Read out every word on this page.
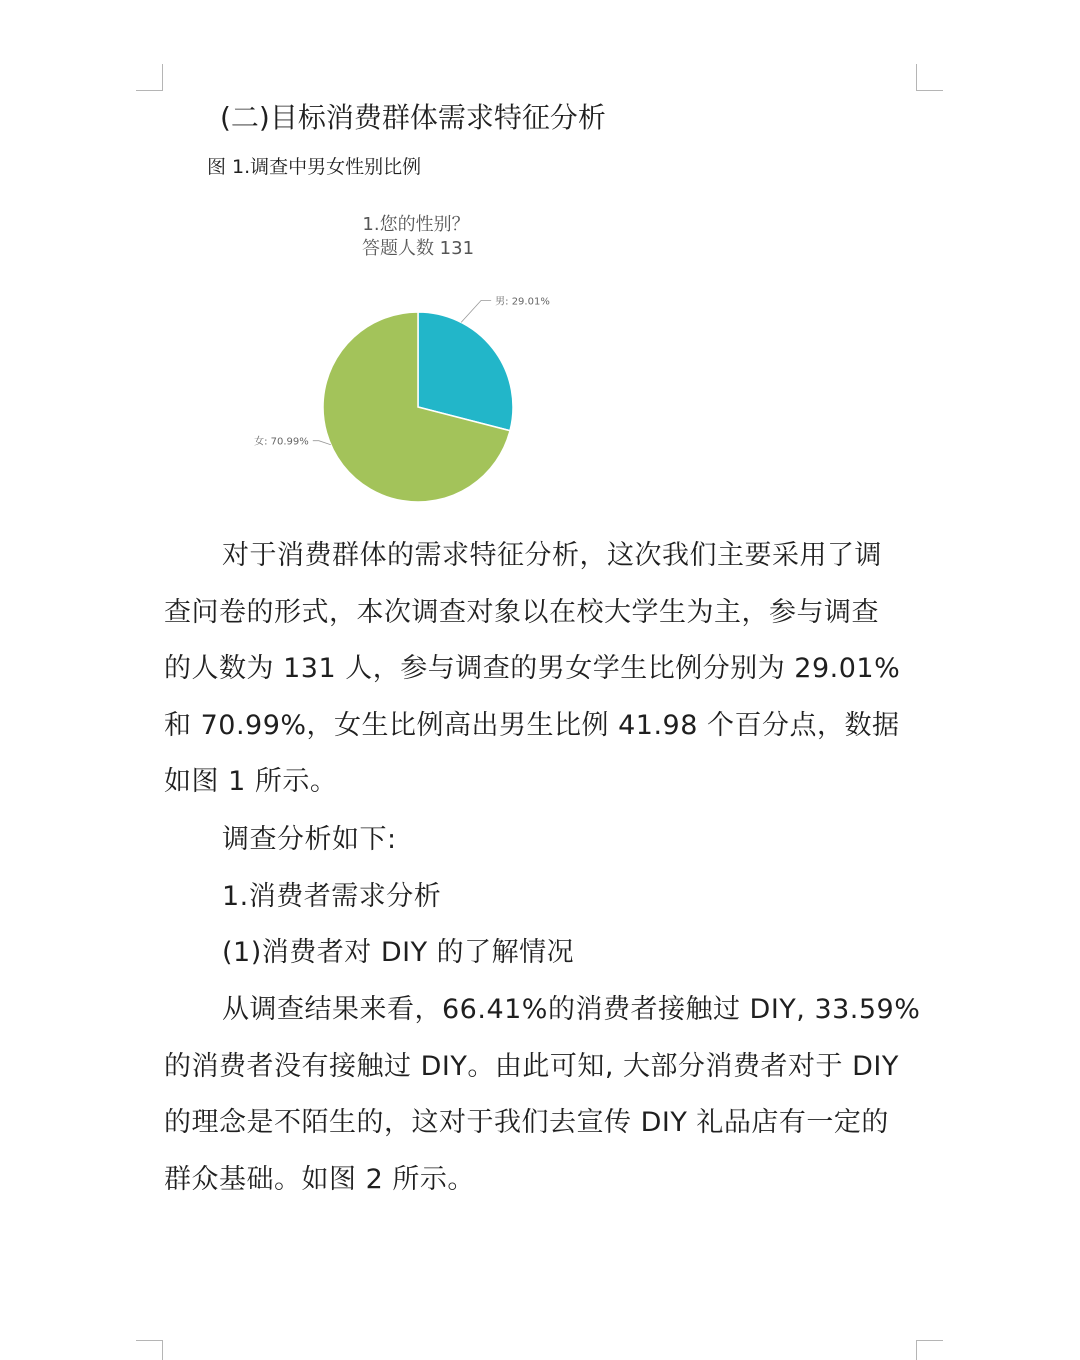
(二)目标消费群体需求特征分析
图 1.调查中男女性别比例
1.您的性别？
答题人数 131
男: 29.01%
女: 70.99%
对于消费群体的需求特征分析，这次我们主要采用了调
查问卷的形式，本次调查对象以在校大学生为主，参与调查
的人数为 131 人，参与调查的男女学生比例分别为 29.01%
和 70.99%，女生比例高出男生比例 41.98 个百分点，数据
如图 1 所示。
调查分析如下:
1.消费者需求分析
(1)消费者对 DIY 的了解情况
从调查结果来看，66.41%的消费者接触过 DIY, 33.59%
的消费者没有接触过 DIY。由此可知, 大部分消费者对于 DIY
的理念是不陌生的，这对于我们去宣传 DIY 礼品店有一定的
群众基础。如图 2 所示。
